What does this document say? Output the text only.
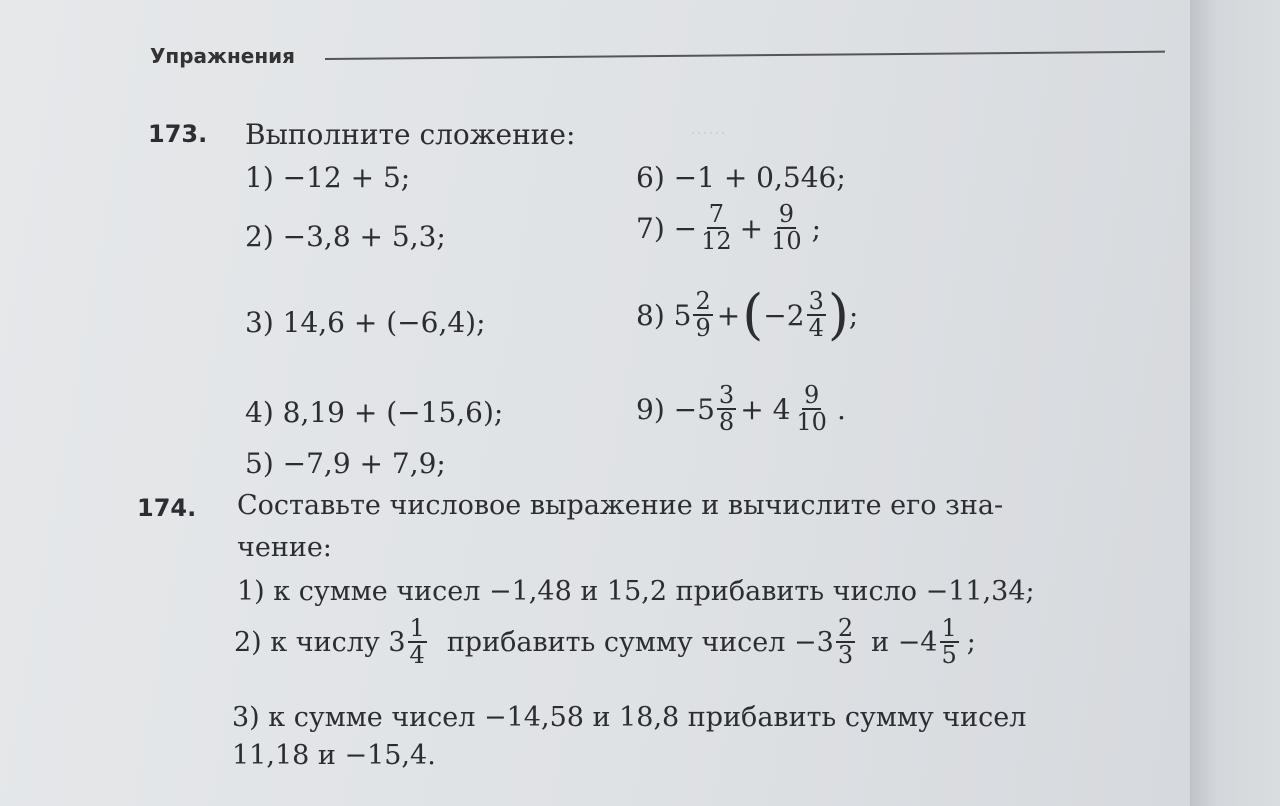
……
Упражнения
173. Выполните сложение:
1) −12 + 5;
2) −3,8 + 5,3;
3) 14,6 + (−6,4);
4) 8,19 + (−15,6);
5) −7,9 + 7,9;
6) −1 + 0,546;
$7) - \frac{7}{12} + \frac{9}{10}$ ;
8) $5 \frac{2}{9}$ + ( $-2 \frac{3}{4}$ ) ;
$9) -5 \frac{3}{8} + 4 \frac{9}{10}$ .
174. Составьте числовое выражение и вычислите его зна-
чение:
1) к сумме чисел −1,48 и 15,2 прибавить число −11,34;
2) к числу $3 \frac{1}{4}$ прибавить сумму чисел $-3 \frac{2}{3}$ $и -4 \frac{1}{5}$ ;
3) к сумме чисел −14,58 и 18,8 прибавить сумму чисел
11,18 и −15,4.
